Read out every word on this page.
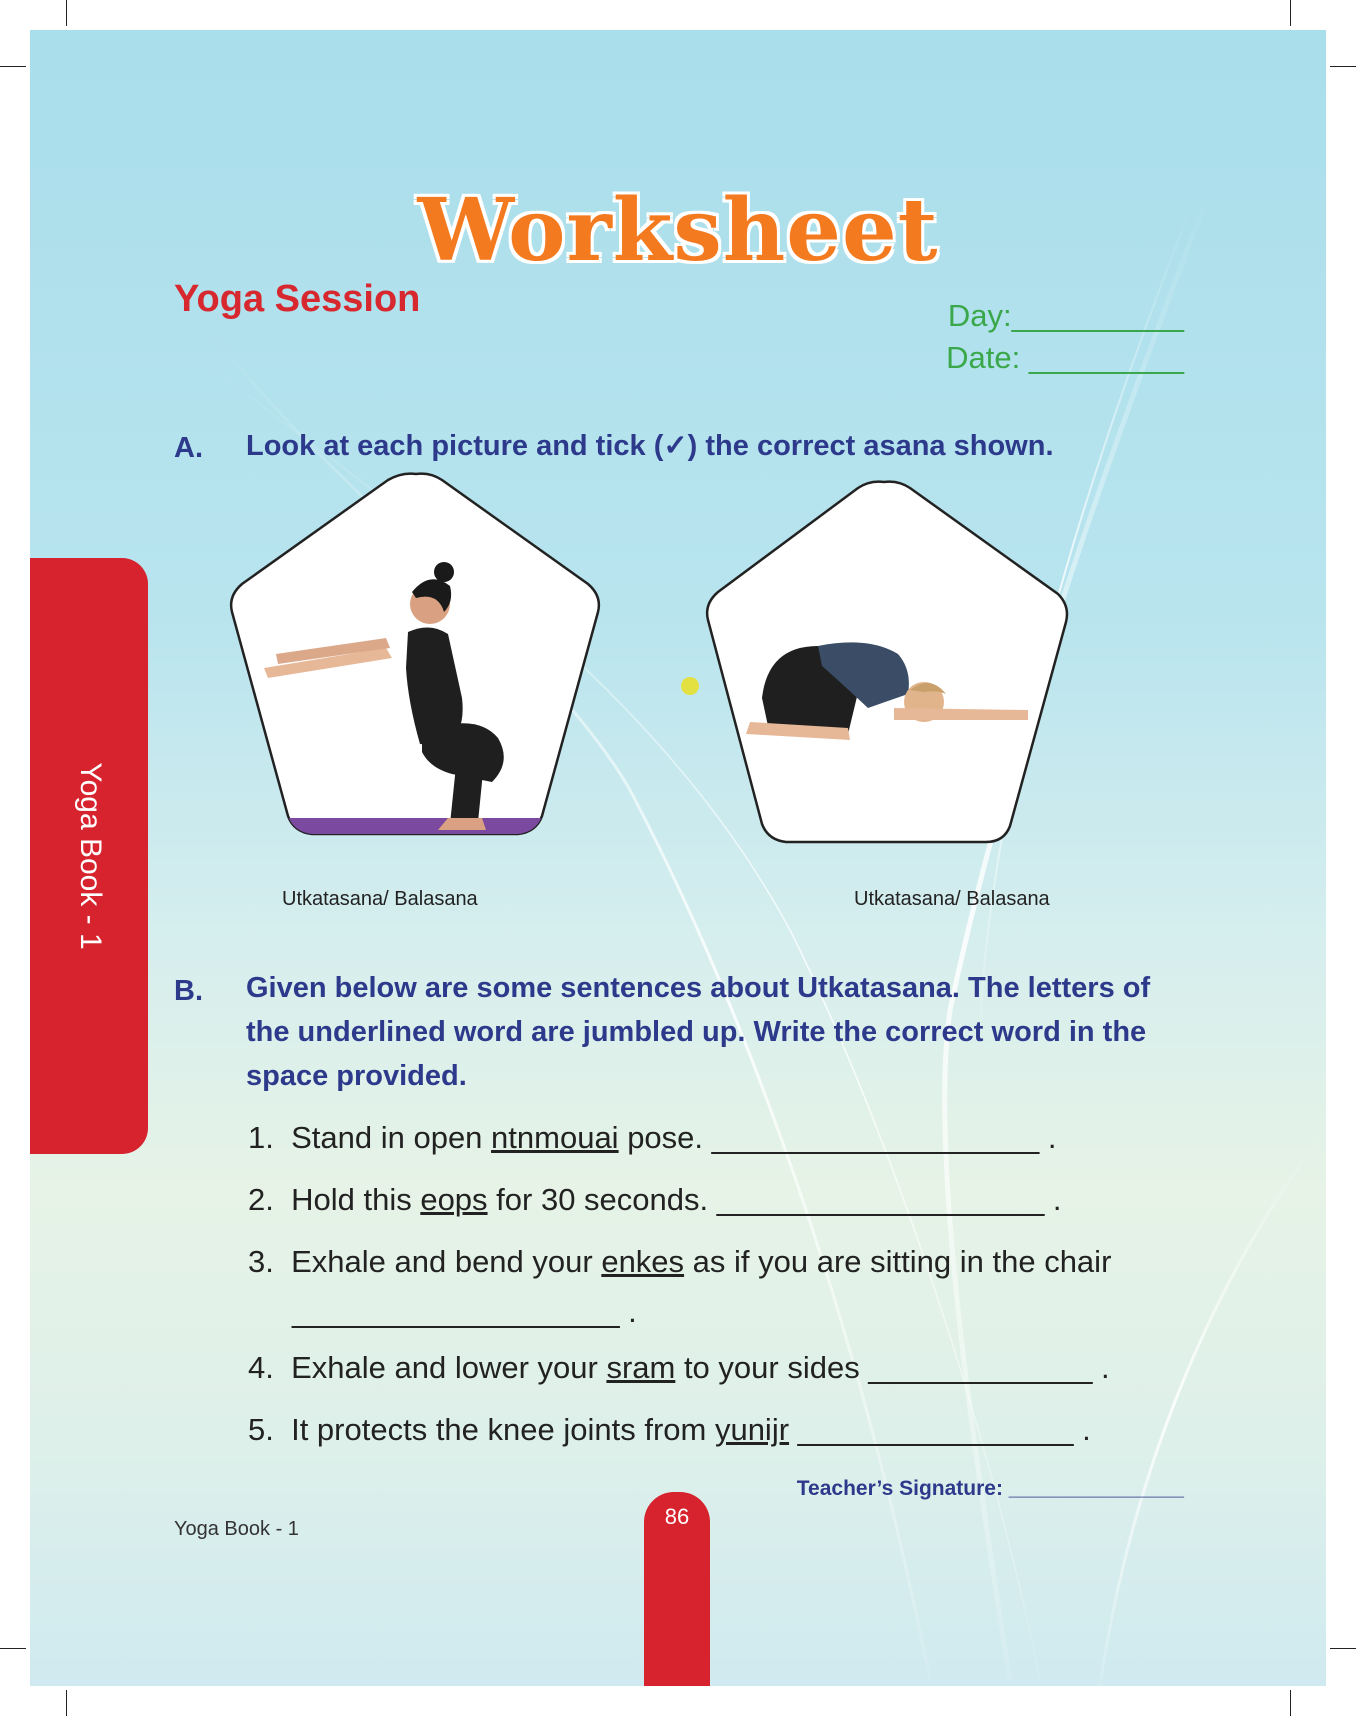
Worksheet
Yoga Session	Day:__________
Date: _________
A. Look at each picture and tick (✓) the correct asana shown.
Utkatasana/ Balasana	Utkatasana/ Balasana
B. Given below are some sentences about Utkatasana. The letters of
the underlined word are jumbled up. Write the correct word in the
space provided.
1. Stand in open ntnmouai pose. ___________________ .
2. Hold this eops for 30 seconds. ___________________ .
3. Exhale and bend your enkes as if you are sitting in the chair
___________________ .
4. Exhale and lower your sram to your sides _____________ .
5. It protects the knee joints from yunijr ________________ .
Teacher’s Signature: _______________
Yoga Book - 1
Yoga Book - 1	86
